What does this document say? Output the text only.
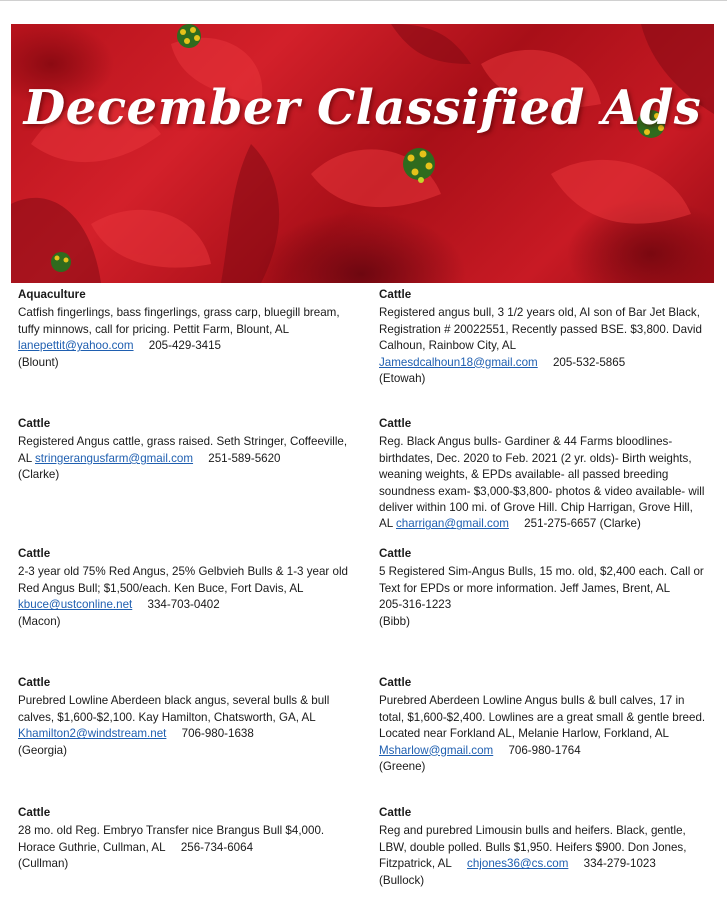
December Classified Ads
Aquaculture
Catfish fingerlings, bass fingerlings, grass carp, bluegill bream, tuffy minnows, call for pricing. Pettit Farm, Blount, AL
lanepettit@yahoo.com 205-429-3415
(Blount)
Cattle
Registered angus bull, 3 1/2 years old, AI son of Bar Jet Black, Registration # 20022551, Recently passed BSE. $3,800. David Calhoun, Rainbow City, AL
Jamesdcalhoun18@gmail.com 205-532-5865
(Etowah)
Cattle
Registered Angus cattle, grass raised. Seth Stringer, Coffeeville, AL stringerangusfarm@gmail.com 251-589-5620
(Clarke)
Cattle
Reg. Black Angus bulls- Gardiner & 44 Farms bloodlines- birthdates, Dec. 2020 to Feb. 2021 (2 yr. olds)- Birth weights, weaning weights, & EPDs available- all passed breeding soundness exam- $3,000-$3,800- photos & video available- will deliver within 100 mi. of Grove Hill. Chip Harrigan, Grove Hill, AL charrigan@gmail.com 251-275-6657 (Clarke)
Cattle
2-3 year old 75% Red Angus, 25% Gelbvieh Bulls & 1-3 year old Red Angus Bull; $1,500/each. Ken Buce, Fort Davis, AL
kbuce@ustconline.net 334-703-0402
(Macon)
Cattle
5 Registered Sim-Angus Bulls, 15 mo. old, $2,400 each. Call or Text for EPDs or more information. Jeff James, Brent, AL
205-316-1223
(Bibb)
Cattle
Purebred Lowline Aberdeen black angus, several bulls & bull calves, $1,600-$2,100. Kay Hamilton, Chatsworth, GA, AL
Khamilton2@windstream.net 706-980-1638
(Georgia)
Cattle
Purebred Aberdeen Lowline Angus bulls & bull calves, 17 in total, $1,600-$2,400. Lowlines are a great small & gentle breed. Located near Forkland AL, Melanie Harlow, Forkland, AL Msharlow@gmail.com 706-980-1764
(Greene)
Cattle
28 mo. old Reg. Embryo Transfer nice Brangus Bull $4,000. Horace Guthrie, Cullman, AL 256-734-6064
(Cullman)
Cattle
Reg and purebred Limousin bulls and heifers. Black, gentle, LBW, double polled. Bulls $1,950. Heifers $900. Don Jones, Fitzpatrick, AL chjones36@cs.com 334-279-1023
(Bullock)
